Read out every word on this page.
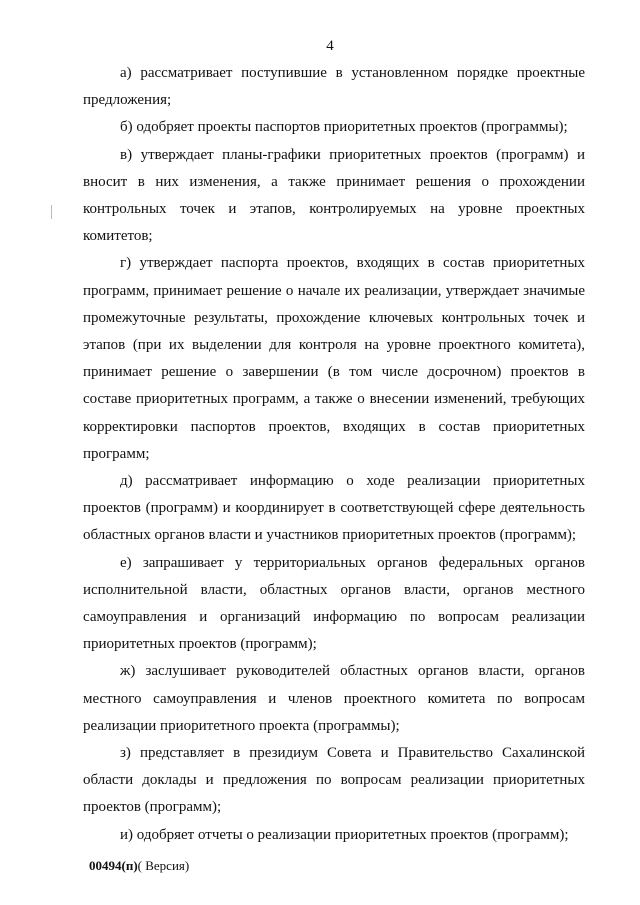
4

а) рассматривает поступившие в установленном порядке проектные предложения;

б) одобряет проекты паспортов приоритетных проектов (программы);

в) утверждает планы-графики приоритетных проектов (программ) и вносит в них изменения, а также принимает решения о прохождении контрольных точек и этапов, контролируемых на уровне проектных комитетов;

г) утверждает паспорта проектов, входящих в состав приоритетных программ, принимает решение о начале их реализации, утверждает значимые промежуточные результаты, прохождение ключевых контрольных точек и этапов (при их выделении для контроля на уровне проектного комитета), принимает решение о завершении (в том числе досрочном) проектов в составе приоритетных программ, а также о внесении изменений, требующих корректировки паспортов проектов, входящих в состав приоритетных программ;

д) рассматривает информацию о ходе реализации приоритетных проектов (программ) и координирует в соответствующей сфере деятельность областных органов власти и участников приоритетных проектов (программ);

е) запрашивает у территориальных органов федеральных органов исполнительной власти, областных органов власти, органов местного самоуправления и организаций информацию по вопросам реализации приоритетных проектов (программ);

ж) заслушивает руководителей областных органов власти, органов местного самоуправления и членов проектного комитета по вопросам реализации приоритетного проекта (программы);

з) представляет в президиум Совета и Правительство Сахалинской области доклады и предложения по вопросам реализации приоритетных проектов (программ);

и) одобряет отчеты о реализации приоритетных проектов (программ);

00494(п)( Версия)
